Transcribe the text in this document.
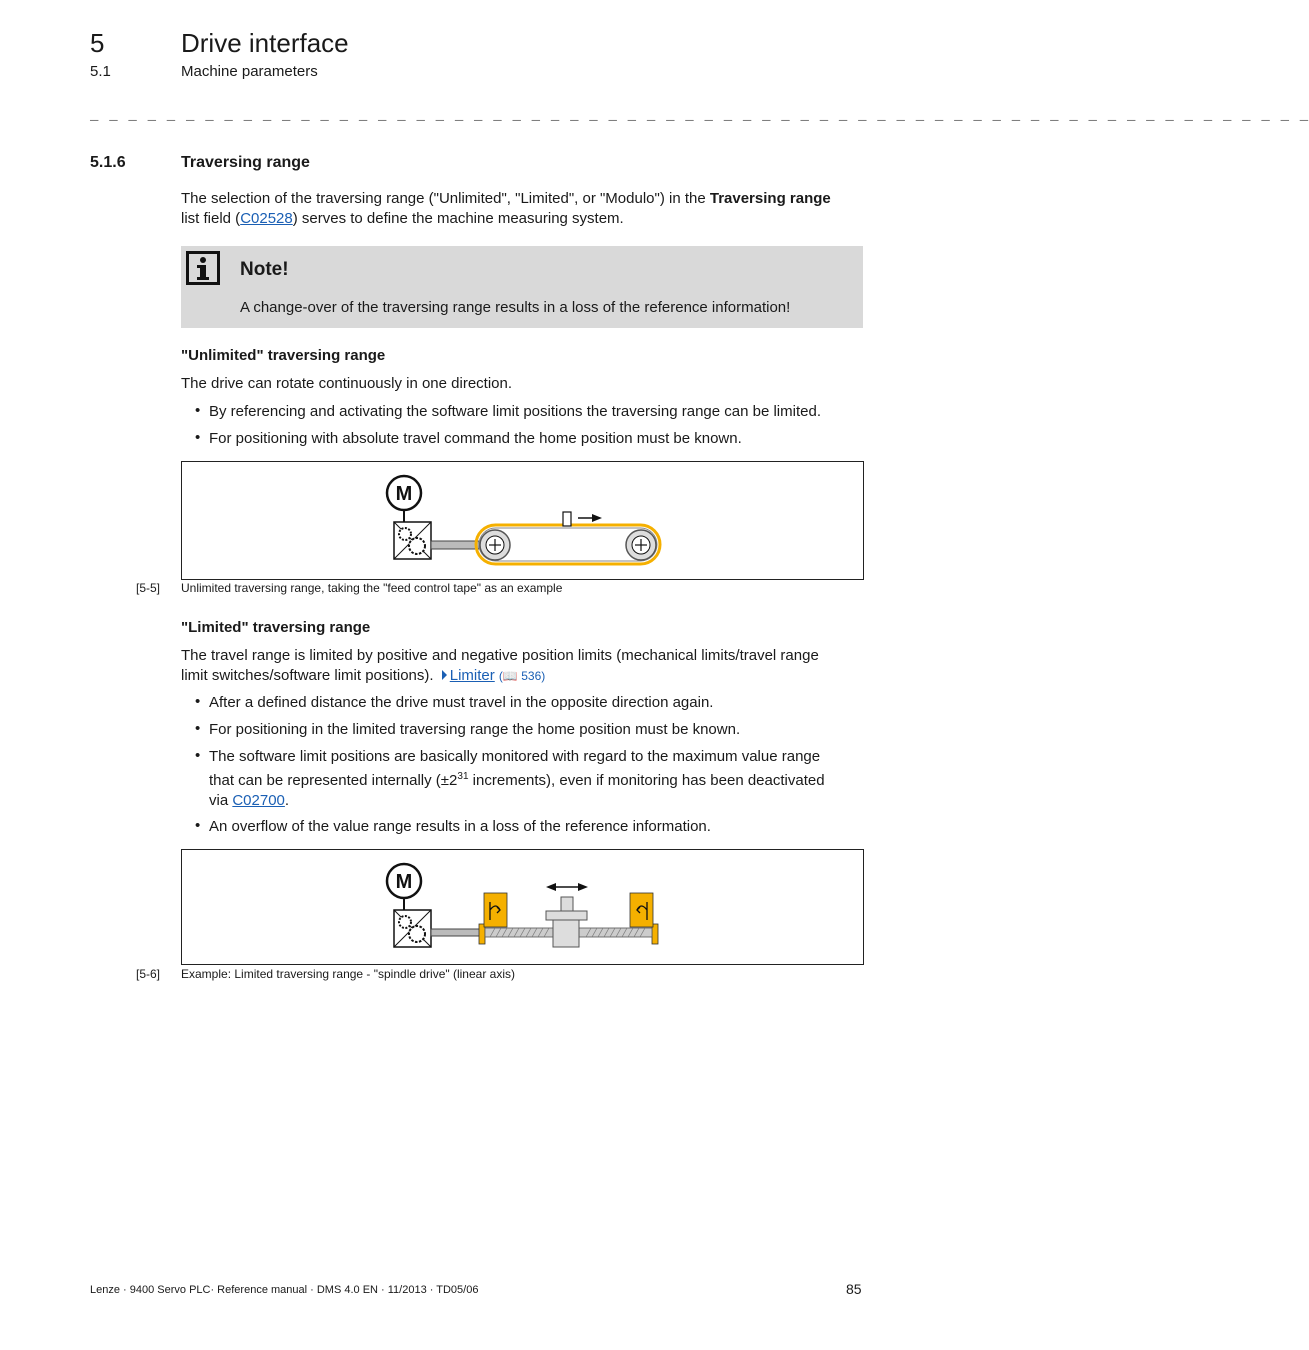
5	Drive interface
5.1	Machine parameters
_ _ _ _ _ _ _ _ _ _ _ _ _ _ _ _ _ _ _ _ _ _ _ _ _ _ _ _ _ _ _ _ _ _ _ _ _ _ _ _ _ _ _ _ _ _ _ _ _ _ _ _ _ _ _ _ _ _ _ _ _ _ _ _
5.1.6	Traversing range
The selection of the traversing range ("Unlimited", "Limited", or "Modulo") in the Traversing range
list field (C02528) serves to define the machine measuring system.
Note!
A change-over of the traversing range results in a loss of the reference information!
"Unlimited" traversing range
The drive can rotate continuously in one direction.
• By referencing and activating the software limit positions the traversing range can be limited.
• For positioning with absolute travel command the home position must be known.
M
[5-5] Unlimited traversing range, taking the "feed control tape" as an example
"Limited" traversing range
The travel range is limited by positive and negative position limits (mechanical limits/travel range
limit switches/software limit positions). Limiter (📖 536)
• After a defined distance the drive must travel in the opposite direction again.
• For positioning in the limited traversing range the home position must be known.
• The software limit positions are basically monitored with regard to the maximum value range
that can be represented internally ($\pm 2^{31}$ increments), even if monitoring has been deactivated
via C02700.
• An overflow of the value range results in a loss of the reference information.
M
[5-6] Example: Limited traversing range - "spindle drive" (linear axis)
Lenze · 9400 Servo PLC· Reference manual · DMS 4.0 EN · 11/2013 · TD05/06	85
